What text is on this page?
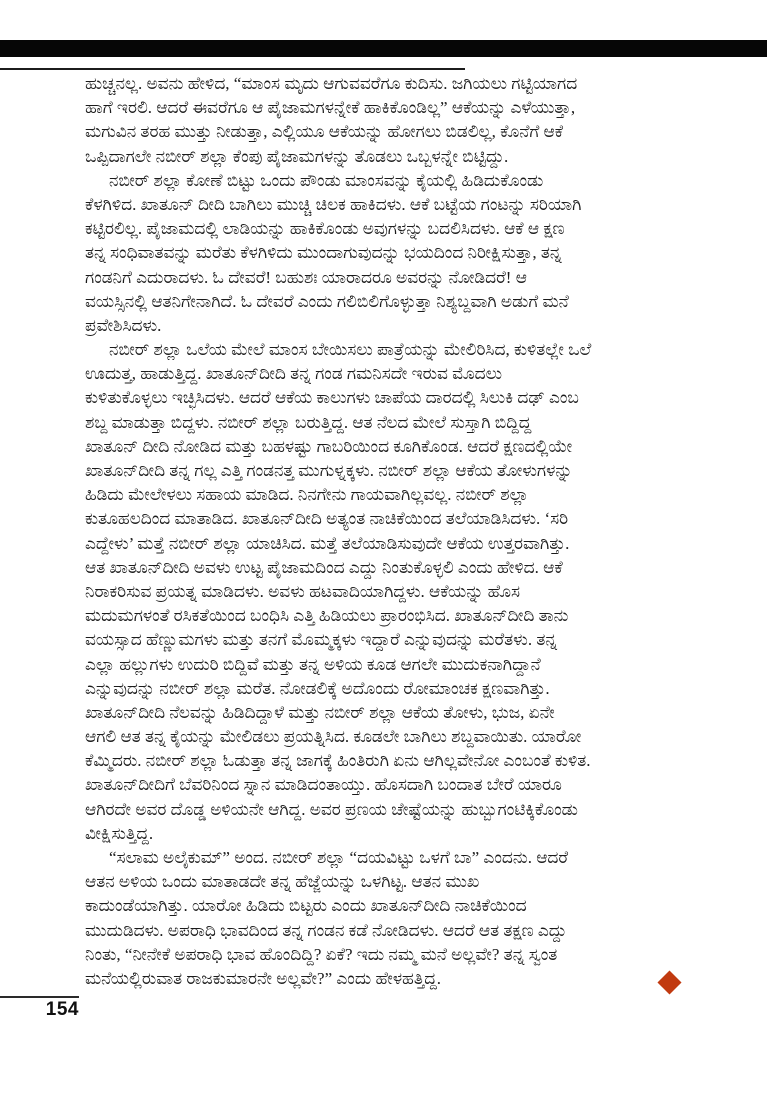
ಹುಚ್ಚನಲ್ಲ. ಅವನು ಹೇಳಿದ, “ಮಾಂಸ ಮೃದು ಆಗುವವರೆಗೂ ಕುದಿಸು. ಜಗಿಯಲು ಗಟ್ಟಿಯಾಗದ
ಹಾಗೆ ಇರಲಿ. ಆದರೆ ಈವರೆಗೂ ಆ ಪೈಜಾಮಗಳನ್ನೇಕೆ ಹಾಕಿಕೊಂಡಿಲ್ಲ” ಆಕೆಯನ್ನು ಎಳೆಯುತ್ತಾ,
ಮಗುವಿನ ತರಹ ಮುತ್ತು ನೀಡುತ್ತಾ, ಎಲ್ಲಿಯೂ ಆಕೆಯನ್ನು ಹೋಗಲು ಬಿಡಲಿಲ್ಲ, ಕೊನೆಗೆ ಆಕೆ
ಒಪ್ಪಿದಾಗಲೇ ನಬೀರ್ ಶಲ್ಲಾ ಕೆಂಪು ಪೈಜಾಮಗಳನ್ನು ತೊಡಲು ಒಬ್ಬಳನ್ನೇ ಬಿಟ್ಟಿದ್ದು.
ನಬೀರ್ ಶಲ್ಲಾ ಕೋಣೆ ಬಿಟ್ಟು ಒಂದು ಪೌಂಡು ಮಾಂಸವನ್ನು ಕೈಯಲ್ಲಿ ಹಿಡಿದುಕೊಂಡು
ಕೆಳಗಿಳಿದ. ಖಾತೂನ್ ದೀದಿ ಬಾಗಿಲು ಮುಚ್ಚಿ ಚಿಲಕ ಹಾಕಿದಳು. ಆಕೆ ಬಟ್ಟೆಯ ಗಂಟನ್ನು ಸರಿಯಾಗಿ
ಕಟ್ಟಿರಲಿಲ್ಲ. ಪೈಜಾಮದಲ್ಲಿ ಲಾಡಿಯನ್ನು ಹಾಕಿಕೊಂಡು ಅವುಗಳನ್ನು ಬದಲಿಸಿದಳು. ಆಕೆ ಆ ಕ್ಷಣ
ತನ್ನ ಸಂಧಿವಾತವನ್ನು ಮರೆತು ಕೆಳಗಿಳಿದು ಮುಂದಾಗುವುದನ್ನು ಭಯದಿಂದ ನಿರೀಕ್ಷಿಸುತ್ತಾ, ತನ್ನ
ಗಂಡನಿಗೆ ಎದುರಾದಳು. ಓ ದೇವರೆ! ಬಹುಶಃ ಯಾರಾದರೂ ಅವರನ್ನು ನೋಡಿದರೆ! ಆ
ವಯಸ್ಸಿನಲ್ಲಿ ಆತನಿಗೇನಾಗಿದೆ. ಓ ದೇವರೆ ಎಂದು ಗಲಿಬಿಲಿಗೊಳ್ಳುತ್ತಾ ನಿಶ್ಯಬ್ದವಾಗಿ ಅಡುಗೆ ಮನೆ
ಪ್ರವೇಶಿಸಿದಳು.
ನಬೀರ್ ಶಲ್ಲಾ ಒಲೆಯ ಮೇಲೆ ಮಾಂಸ ಬೇಯಿಸಲು ಪಾತ್ರೆಯನ್ನು ಮೇಲಿರಿಸಿದ, ಕುಳಿತಲ್ಲೇ ಒಲೆ
ಊದುತ್ತ, ಹಾಡುತ್ತಿದ್ದ. ಖಾತೂನ್‌ದೀದಿ ತನ್ನ ಗಂಡ ಗಮನಿಸದೇ ಇರುವ ಮೊದಲು
ಕುಳಿತುಕೊಳ್ಳಲು ಇಚ್ಛಿಸಿದಳು. ಆದರೆ ಆಕೆಯ ಕಾಲುಗಳು ಚಾಪೆಯ ದಾರದಲ್ಲಿ ಸಿಲುಕಿ ದಢ್ ಎಂಬ
ಶಬ್ದ ಮಾಡುತ್ತಾ ಬಿದ್ದಳು. ನಬೀರ್ ಶಲ್ಲಾ ಬರುತ್ತಿದ್ದ. ಆತ ನೆಲದ ಮೇಲೆ ಸುಸ್ತಾಗಿ ಬಿದ್ದಿದ್ದ
ಖಾತೂನ್ ದೀದಿ ನೋಡಿದ ಮತ್ತು ಬಹಳಷ್ಟು ಗಾಬರಿಯಿಂದ ಕೂಗಿಕೊಂಡ. ಆದರೆ ಕ್ಷಣದಲ್ಲಿಯೇ
ಖಾತೂನ್‌ದೀದಿ ತನ್ನ ಗಲ್ಲ ಎತ್ತಿ ಗಂಡನತ್ತ ಮುಗುಳ್ನಕ್ಕಳು. ನಬೀರ್ ಶಲ್ಲಾ ಆಕೆಯ ತೋಳುಗಳನ್ನು
ಹಿಡಿದು ಮೇಲೇಳಲು ಸಹಾಯ ಮಾಡಿದ. ನಿನಗೇನು ಗಾಯವಾಗಿಲ್ಲವಲ್ಲ. ನಬೀರ್ ಶಲ್ಲಾ
ಕುತೂಹಲದಿಂದ ಮಾತಾಡಿದ. ಖಾತೂನ್‌ದೀದಿ ಅತ್ಯಂತ ನಾಚಿಕೆಯಿಂದ ತಲೆಯಾಡಿಸಿದಳು. ‘ಸರಿ
ಎದ್ದೇಳು’ ಮತ್ತೆ ನಬೀರ್ ಶಲ್ಲಾ ಯಾಚಿಸಿದ. ಮತ್ತೆ ತಲೆಯಾಡಿಸುವುದೇ ಆಕೆಯ ಉತ್ತರವಾಗಿತ್ತು.
ಆತ ಖಾತೂನ್‌ದೀದಿ ಅವಳು ಉಟ್ಟ ಪೈಜಾಮದಿಂದ ಎದ್ದು ನಿಂತುಕೊಳ್ಳಲಿ ಎಂದು ಹೇಳಿದ. ಆಕೆ
ನಿರಾಕರಿಸುವ ಪ್ರಯತ್ನ ಮಾಡಿದಳು. ಅವಳು ಹಟವಾದಿಯಾಗಿದ್ದಳು. ಆಕೆಯನ್ನು ಹೊಸ
ಮದುಮಗಳಂತೆ ರಸಿಕತೆಯಿಂದ ಬಂಧಿಸಿ ಎತ್ತಿ ಹಿಡಿಯಲು ಪ್ರಾರಂಭಿಸಿದ. ಖಾತೂನ್‌ದೀದಿ ತಾನು
ವಯಸ್ಸಾದ ಹೆಣ್ಣುಮಗಳು ಮತ್ತು ತನಗೆ ಮೊಮ್ಮಕ್ಕಳು ಇದ್ದಾರೆ ಎನ್ನುವುದನ್ನು ಮರೆತಳು. ತನ್ನ
ಎಲ್ಲಾ ಹಲ್ಲುಗಳು ಉದುರಿ ಬಿದ್ದಿವೆ ಮತ್ತು ತನ್ನ ಅಳಿಯ ಕೂಡ ಆಗಲೇ ಮುದುಕನಾಗಿದ್ದಾನೆ
ಎನ್ನುವುದನ್ನು ನಬೀರ್ ಶಲ್ಲಾ ಮರೆತ. ನೋಡಲಿಕ್ಕೆ ಅದೊಂದು ರೋಮಾಂಚಕ ಕ್ಷಣವಾಗಿತ್ತು.
ಖಾತೂನ್‌ದೀದಿ ನೆಲವನ್ನು ಹಿಡಿದಿದ್ದಾಳೆ ಮತ್ತು ನಬೀರ್ ಶಲ್ಲಾ ಆಕೆಯ ತೋಳು, ಭುಜ, ಏನೇ
ಆಗಲಿ ಆತ ತನ್ನ ಕೈಯನ್ನು ಮೇಲಿಡಲು ಪ್ರಯತ್ನಿಸಿದ. ಕೂಡಲೇ ಬಾಗಿಲು ಶಬ್ದವಾಯಿತು. ಯಾರೋ
ಕೆಮ್ಮಿದರು. ನಬೀರ್ ಶಲ್ಲಾ ಓಡುತ್ತಾ ತನ್ನ ಜಾಗಕ್ಕೆ ಹಿಂತಿರುಗಿ ಏನು ಆಗಿಲ್ಲವೇನೋ ಎಂಬಂತೆ ಕುಳಿತ.
ಖಾತೂನ್‌ದೀದಿಗೆ ಬೆವರಿನಿಂದ ಸ್ನಾನ ಮಾಡಿದಂತಾಯ್ತು. ಹೊಸದಾಗಿ ಬಂದಾತ ಬೇರೆ ಯಾರೂ
ಆಗಿರದೇ ಅವರ ದೊಡ್ಡ ಅಳಿಯನೇ ಆಗಿದ್ದ. ಅವರ ಪ್ರಣಯ ಚೇಷ್ಟೆಯನ್ನು ಹುಬ್ಬುಗಂಟಿಕ್ಕಿಕೊಂಡು
ವೀಕ್ಷಿಸುತ್ತಿದ್ದ.
“ಸಲಾಮ ಅಲೈಕುಮ್” ಅಂದ. ನಬೀರ್ ಶಲ್ಲಾ “ದಯವಿಟ್ಟು ಒಳಗೆ ಬಾ” ಎಂದನು. ಆದರೆ
ಆತನ ಅಳಿಯ ಒಂದು ಮಾತಾಡದೇ ತನ್ನ ಹೆಜ್ಜೆಯನ್ನು ಒಳಗಿಟ್ಟ. ಆತನ ಮುಖ
ಕಾದುಂಡೆಯಾಗಿತ್ತು. ಯಾರೋ ಹಿಡಿದು ಬಿಟ್ಟರು ಎಂದು ಖಾತೂನ್‌ದೀದಿ ನಾಚಿಕೆಯಿಂದ
ಮುದುಡಿದಳು. ಅಪರಾಧಿ ಭಾವದಿಂದ ತನ್ನ ಗಂಡನ ಕಡೆ ನೋಡಿದಳು. ಆದರೆ ಆತ ತಕ್ಷಣ ಎದ್ದು
ನಿಂತು, “ನೀನೇಕೆ ಅಪರಾಧಿ ಭಾವ ಹೊಂದಿದ್ದಿ? ಏಕೆ? ಇದು ನಮ್ಮ ಮನೆ ಅಲ್ಲವೇ? ತನ್ನ ಸ್ವಂತ
ಮನೆಯಲ್ಲಿರುವಾತ ರಾಜಕುಮಾರನೇ ಅಲ್ಲವೇ?” ಎಂದು ಹೇಳಹತ್ತಿದ್ದ.
154
